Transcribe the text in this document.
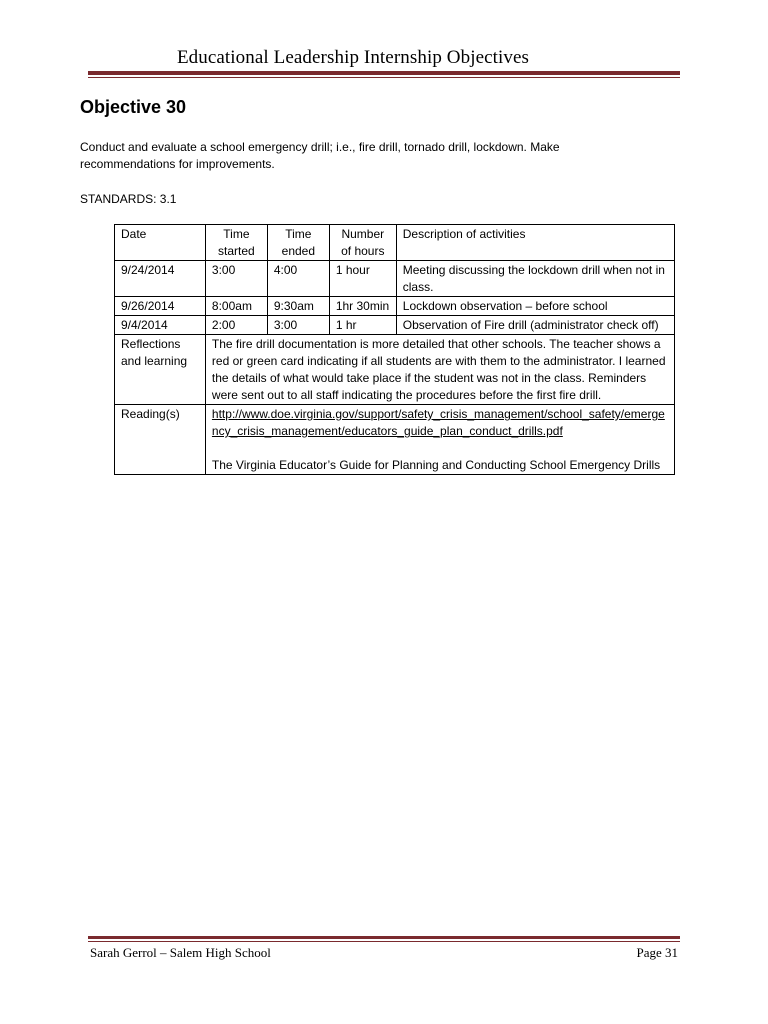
Educational Leadership Internship Objectives
Objective 30
Conduct and evaluate a school emergency drill; i.e., fire drill, tornado drill, lockdown. Make recommendations for improvements.
STANDARDS: 3.1
Date	Time started	Time ended	Number of hours	Description of activities
9/24/2014	3:00	4:00	1 hour	Meeting discussing the lockdown drill when not in class.
9/26/2014	8:00am	9:30am	1hr 30min	Lockdown observation – before school
9/4/2014	2:00	3:00	1 hr	Observation of Fire drill (administrator check off)
Reflections and learning	The fire drill documentation is more detailed that other schools. The teacher shows a red or green card indicating if all students are with them to the administrator. I learned the details of what would take place if the student was not in the class. Reminders were sent out to all staff indicating the procedures before the first fire drill.			
Reading(s)	http://www.doe.virginia.gov/support/safety_crisis_management/school_safety/emergency_crisis_management/educators_guide_plan_conduct_drills.pdf
The Virginia Educator’s Guide for Planning and Conducting School Emergency Drills			
Sarah Gerrol – Salem High School	Page 31
